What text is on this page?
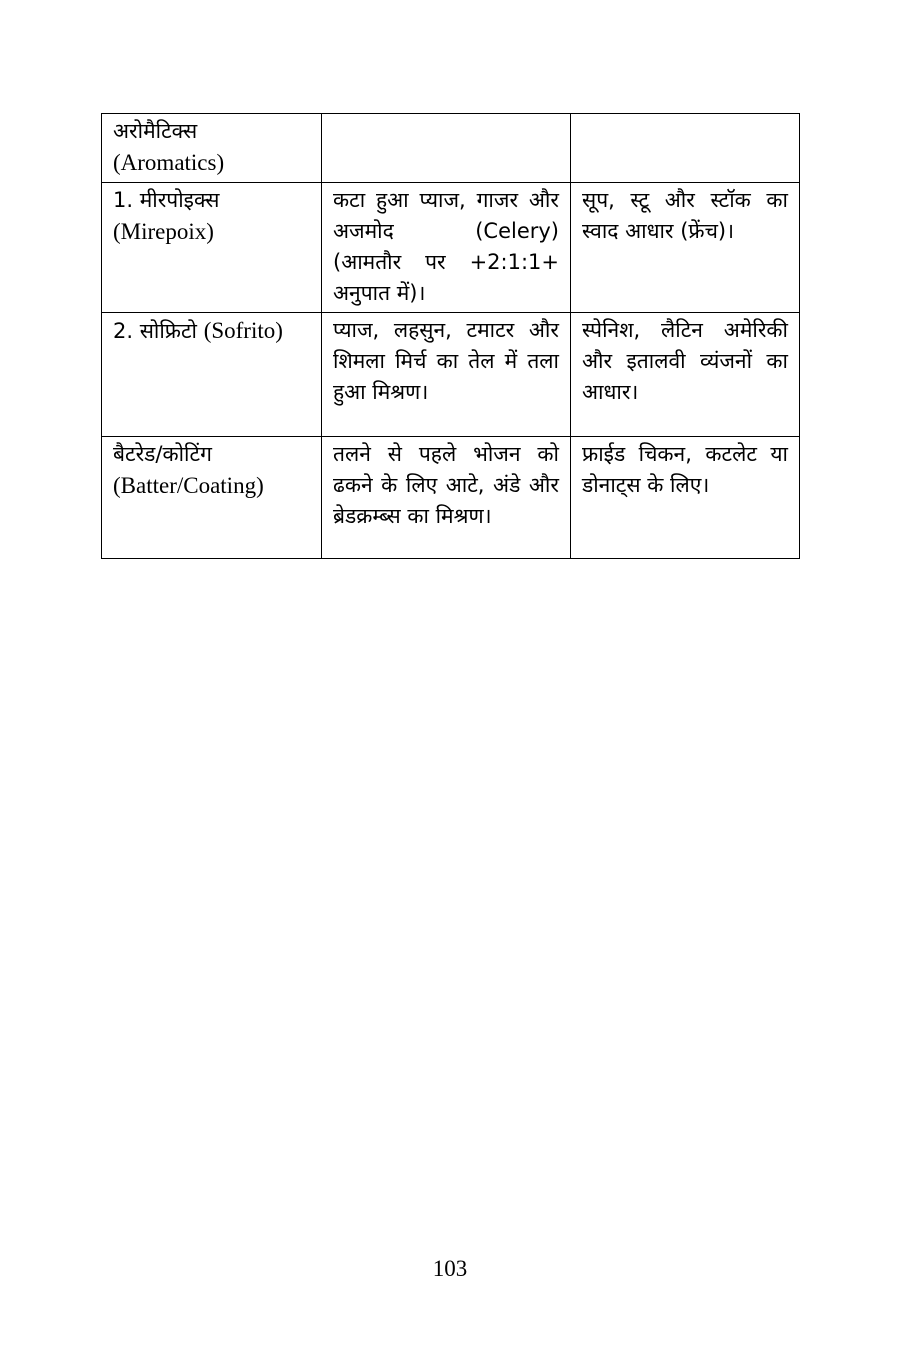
अरोमैटिक्स
(Aromatics)		
1. मीरपोइक्स
(Mirepoix)	कटा हुआ प्याज, गाजर और अजमोद (Celery) (आमतौर पर +2:1:1+ अनुपात में)।	सूप, स्टू और स्टॉक का स्वाद आधार (फ्रेंच)।
2. सोफ्रिटो (Sofrito)	प्याज, लहसुन, टमाटर और शिमला मिर्च का तेल में तला हुआ मिश्रण।	स्पेनिश, लैटिन अमेरिकी और इतालवी व्यंजनों का आधार।
बैटरेड/कोटिंग
(Batter/Coating)	तलने से पहले भोजन को ढकने के लिए आटे, अंडे और ब्रेडक्रम्ब्स का मिश्रण।	फ्राईड चिकन, कटलेट या डोनाट्स के लिए।
103
